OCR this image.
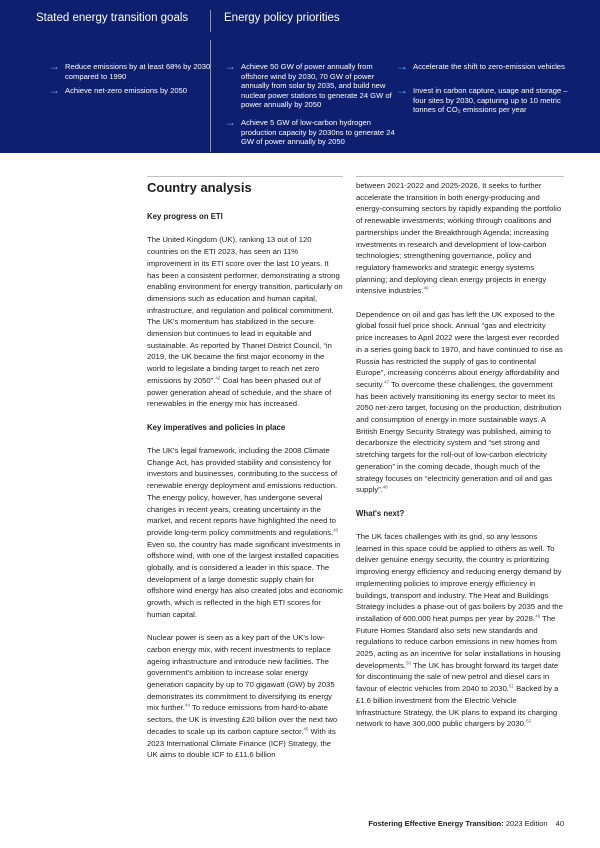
Stated energy transition goals	Energy policy priorities
→ Reduce emissions by at least 68% by 2030 compared to 1990
→ Achieve net-zero emissions by 2050
→ Achieve 50 GW of power annually from offshore wind by 2030, 70 GW of power annually from solar by 2035, and build new nuclear power stations to generate 24 GW of power annually by 2050
→ Achieve 5 GW of low-carbon hydrogen production capacity by 2030ns to generate 24 GW of power annually by 2050
→ Accelerate the shift to zero-emission vehicles
→ Invest in carbon capture, usage and storage – four sites by 2030, capturing up to 10 metric tonnes of CO₂ emissions per year
Country analysis
Key progress on ETI

The United Kingdom (UK), ranking 13 out of 120 countries on the ETI 2023, has seen an 11% improvement in its ETI score over the last 10 years. It has been a consistent performer, demonstrating a strong enabling environment for energy transition, particularly on dimensions such as education and human capital, infrastructure, and regulation and political commitment. The UK's momentum has stabilized in the secure dimension but continues to lead in equitable and sustainable. As reported by Thanet District Council, “in 2019, the UK became the first major economy in the world to legislate a binding target to reach net zero emissions by 2050”.$^{42}$ Coal has been phased out of power generation ahead of schedule, and the share of renewables in the energy mix has increased.

Key imperatives and policies in place

The UK's legal framework, including the 2008 Climate Change Act, has provided stability and consistency for investors and businesses, contributing to the success of renewable energy deployment and emissions reduction. The energy policy, however, has undergone several changes in recent years, creating uncertainty in the market, and recent reports have highlighted the need to provide long-term policy commitments and regulations.$^{43}$ Even so, the country has made significant investments in offshore wind, with one of the largest installed capacities globally, and is considered a leader in this space. The development of a large domestic supply chain for offshore wind energy has also created jobs and economic growth, which is reflected in the high ETI scores for human capital.

Nuclear power is seen as a key part of the UK's low-carbon energy mix, with recent investments to replace ageing infrastructure and introduce new facilities. The government's ambition to increase solar energy generation capacity by up to 70 gigawatt (GW) by 2035 demonstrates its commitment to diversifying its energy mix further.$^{44}$ To reduce emissions from hard-to-abate sectors, the UK is investing £20 billion over the next two decades to scale up its carbon capture sector.$^{45}$ With its 2023 International Climate Finance (ICF) Strategy, the UK aims to double ICF to £11.6 billion

between 2021-2022 and 2025-2026. It seeks to further accelerate the transition in both energy-producing and energy-consuming sectors by rapidly expanding the portfolio of renewable investments; working through coalitions and partnerships under the Breakthrough Agenda; increasing investments in research and development of low-carbon technologies; strengthening governance, policy and regulatory frameworks and strategic energy systems planning; and deploying clean energy projects in energy intensive industries.$^{46}$

Dependence on oil and gas has left the UK exposed to the global fossil fuel price shock. Annual “gas and electricity price increases to April 2022 were the largest ever recorded in a series going back to 1970, and have continued to rise as Russia has restricted the supply of gas to continental Europe”, increasing concerns about energy affordability and security.$^{47}$ To overcome these challenges, the government has been actively transitioning its energy sector to meet its 2050 net-zero target, focusing on the production, distribution and consumption of energy in more sustainable ways. A British Energy Security Strategy was published, aiming to decarbonize the electricity system and “set strong and stretching targets for the roll-out of low-carbon electricity generation” in the coming decade, though much of the strategy focuses on “electricity generation and oil and gas supply”.$^{48}$

What's next?

The UK faces challenges with its grid, so any lessons learned in this space could be applied to others as well. To deliver genuine energy security, the country is prioritizing improving energy efficiency and reducing energy demand by implementing policies to improve energy efficiency in buildings, transport and industry. The Heat and Buildings Strategy includes a phase-out of gas boilers by 2035 and the installation of 600,000 heat pumps per year by 2028.49 The Future Homes Standard also sets new standards and regulations to reduce carbon emissions in new homes from 2025, acting as an incentive for solar installations in housing developments.$^{50}$ The UK has brought forward its target date for discontinuing the sale of new petrol and diesel cars in favour of electric vehicles from 2040 to 2030.51 Backed by a £1.6 billion investment from the Electric Vehicle Infrastructure Strategy, the UK plans to expand its charging network to have 300,000 public chargers by 2030.52

Fostering Effective Energy Transition: 2023 Edition 40
